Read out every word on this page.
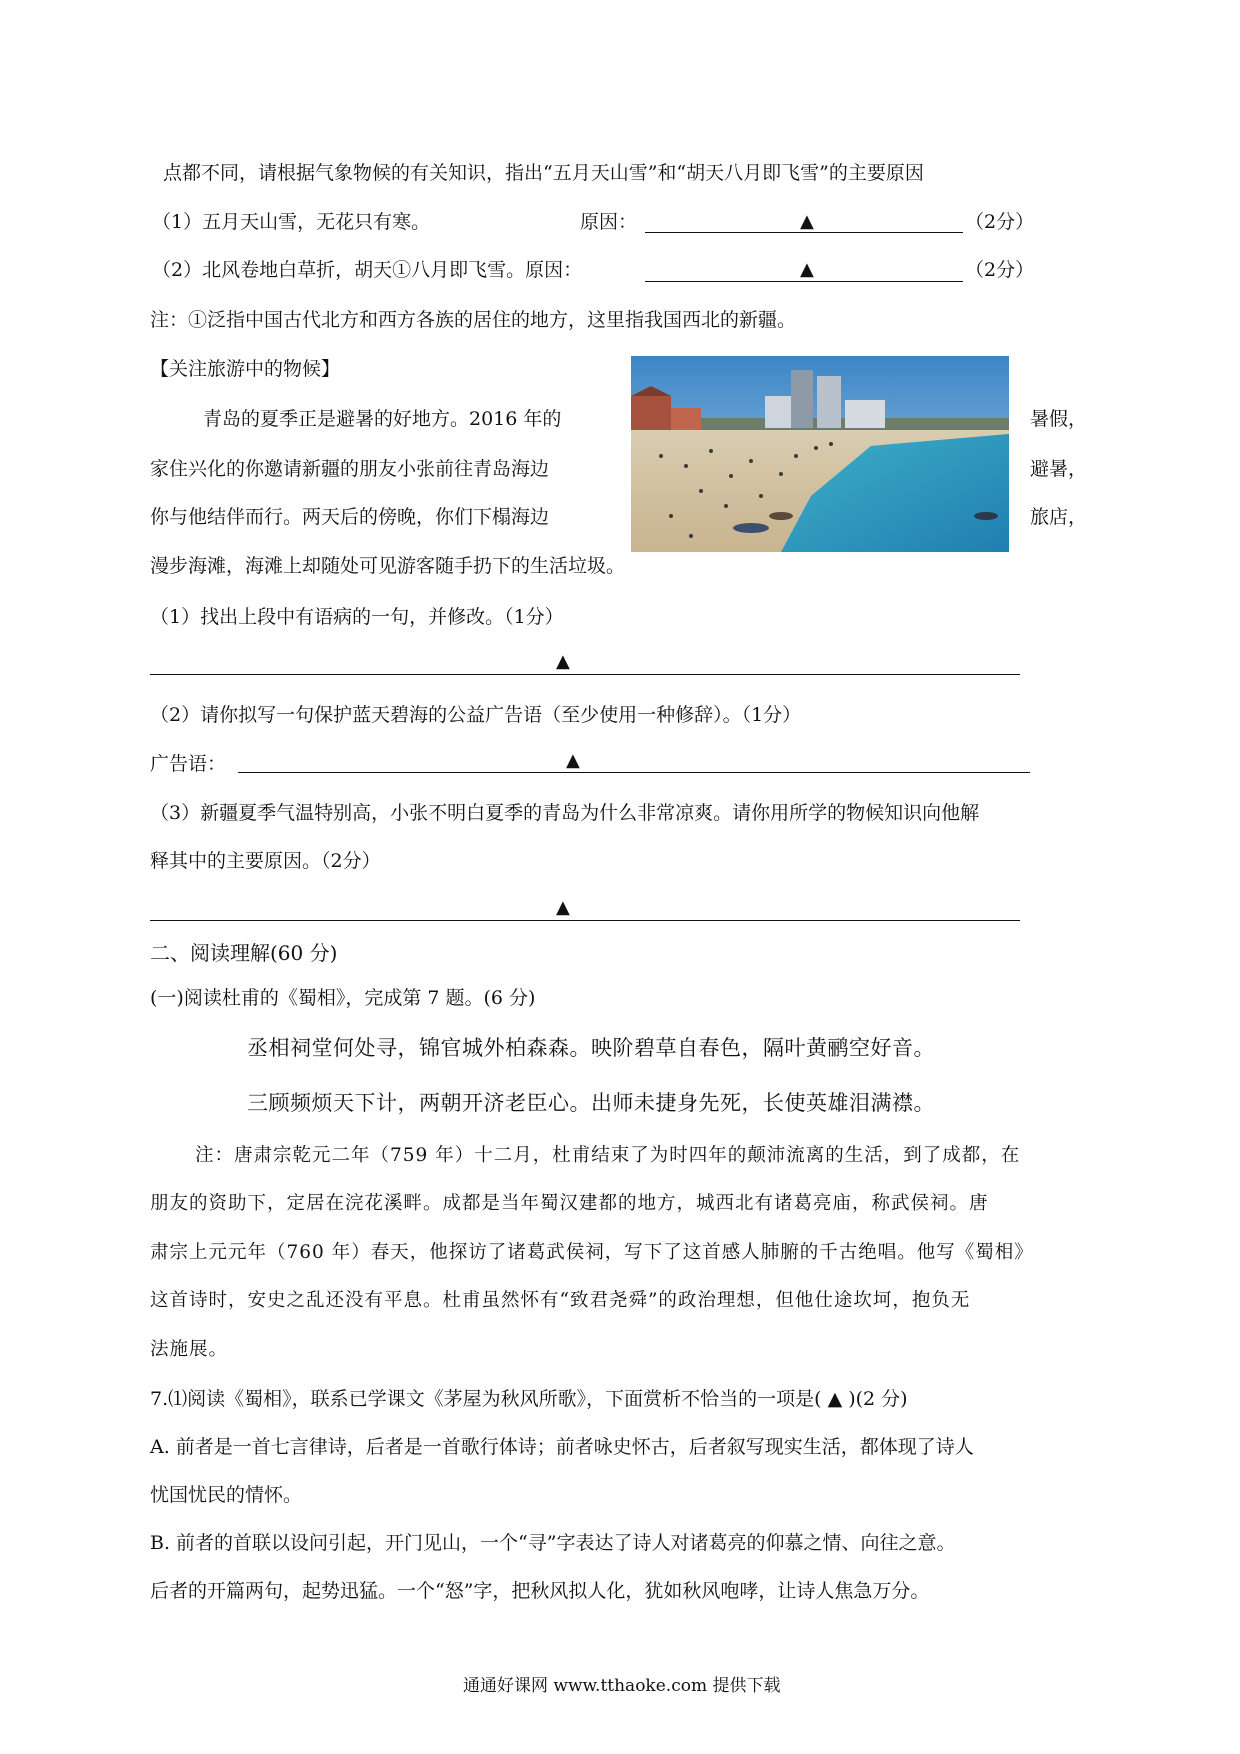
点都不同，请根据气象物候的有关知识，指出“五月天山雪”和“胡天八月即飞雪”的主要原因
（1）五月天山雪，无花只有寒。	原因：	▲	（2分）
（2）北风卷地白草折，胡天①八月即飞雪。原因：	▲	（2分）
注：①泛指中国古代北方和西方各族的居住的地方，这里指我国西北的新疆。
【关注旅游中的物候】
青岛的夏季正是避暑的好地方。2016 年的	暑假，
家住兴化的你邀请新疆的朋友小张前往青岛海边	避暑，
你与他结伴而行。两天后的傍晚，你们下榻海边	旅店，
漫步海滩，海滩上却随处可见游客随手扔下的生活垃圾。
（1）找出上段中有语病的一句，并修改。（1分）
▲
（2）请你拟写一句保护蓝天碧海的公益广告语（至少使用一种修辞）。（1分）
广告语：	▲
（3）新疆夏季气温特别高，小张不明白夏季的青岛为什么非常凉爽。请你用所学的物候知识向他解
释其中的主要原因。（2分）
▲
二、阅读理解(60 分)
(一)阅读杜甫的《蜀相》，完成第 7 题。(6 分)
丞相祠堂何处寻，锦官城外柏森森。映阶碧草自春色，隔叶黄鹂空好音。
三顾频烦天下计，两朝开济老臣心。出师未捷身先死，长使英雄泪满襟。
注：唐肃宗乾元二年（759 年）十二月，杜甫结束了为时四年的颠沛流离的生活，到了成都，在
朋友的资助下，定居在浣花溪畔。成都是当年蜀汉建都的地方，城西北有诸葛亮庙，称武侯祠。唐
肃宗上元元年（760 年）春天，他探访了诸葛武侯祠，写下了这首感人肺腑的千古绝唱。他写《蜀相》
这首诗时，安史之乱还没有平息。杜甫虽然怀有“致君尧舜”的政治理想，但他仕途坎坷，抱负无
法施展。
7.⑴阅读《蜀相》，联系已学课文《茅屋为秋风所歌》，下面赏析不恰当的一项是( ▲ )(2 分)
A. 前者是一首七言律诗，后者是一首歌行体诗；前者咏史怀古，后者叙写现实生活，都体现了诗人
忧国忧民的情怀。
B. 前者的首联以设问引起，开门见山，一个“寻”字表达了诗人对诸葛亮的仰慕之情、向往之意。
后者的开篇两句，起势迅猛。一个“怒”字，把秋风拟人化，犹如秋风咆哮，让诗人焦急万分。
通通好课网 www.tthaoke.com 提供下载
